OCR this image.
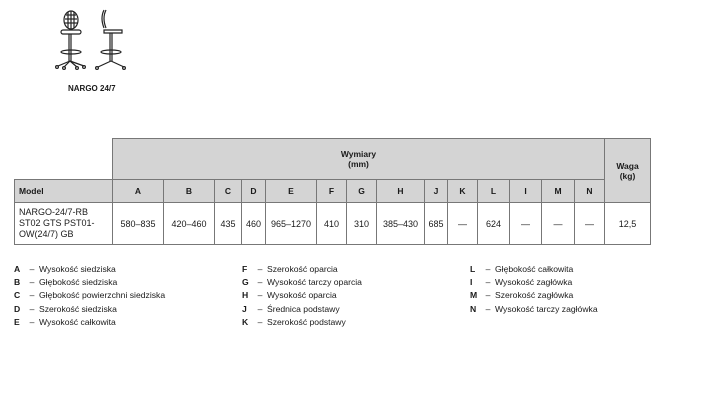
NARGO 24/7
	Wymiary
(mm)														Waga
(kg)
Model	A	B	C	D	E	F	G	H	J	K	L	I	M	N	
NARGO-24/7-RB ST02 GTS PST01-OW(24/7) GB	580–835	420–460	435	460	965–1270	410	310	385–430	685	—	624	—	—	—	12,5
A – Wysokość siedziska
B – Głębokość siedziska
C – Głębokość powierzchni siedziska
D – Szerokość siedziska
E – Wysokość całkowita
F – Szerokość oparcia
G – Wysokość tarczy oparcia
H – Wysokość oparcia
J – Średnica podstawy
K – Szerokość podstawy
L – Głębokość całkowita
I – Wysokość zagłówka
M – Szerokość zagłówka
N – Wysokość tarczy zagłówka
